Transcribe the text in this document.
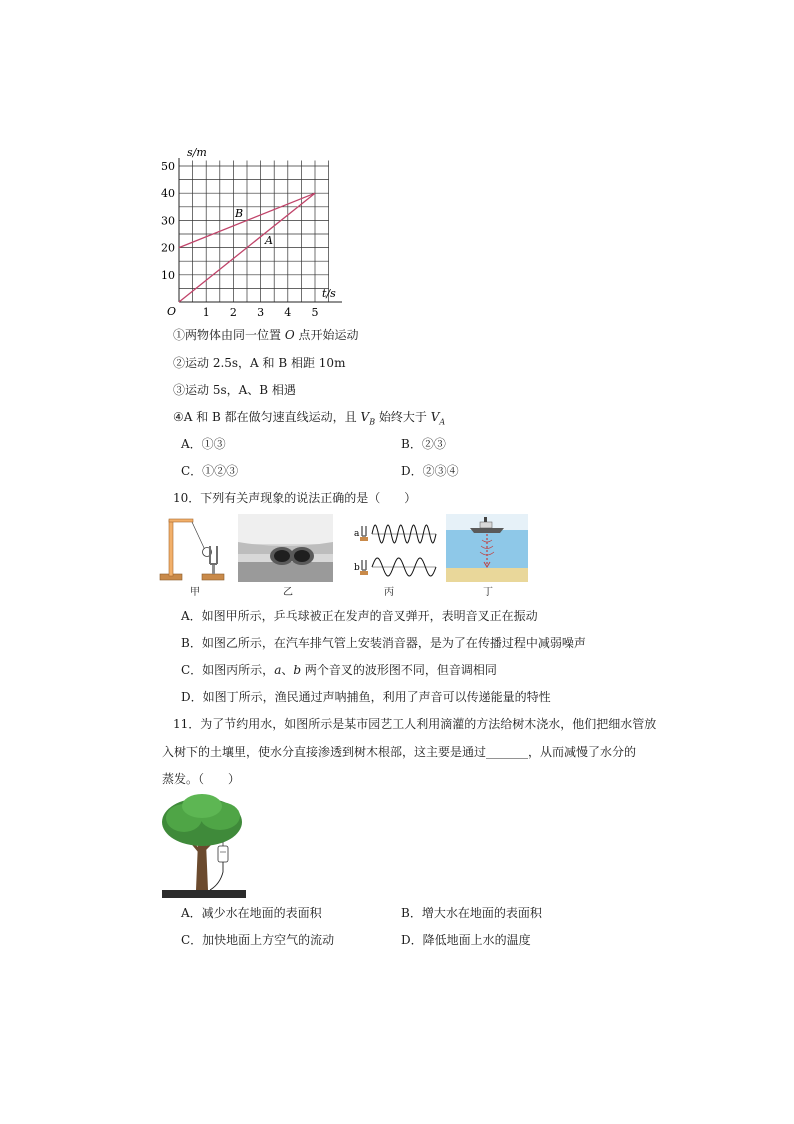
10
20
30
40
50
1 2 3 4 5
s/m
t/s
O
B
A
①两物体由同一位置 O 点开始运动
②运动 2.5s，A 和 B 相距 10m
③运动 5s，A、B 相遇
④A 和 B 都在做匀速直线运动，且 $V_B$ 始终大于 $V_A$
A．①③	B．②③
C．①②③	D．②③④
10．下列有关声现象的说法正确的是（　　）
a
b
甲	乙	丙	丁
A．如图甲所示，乒乓球被正在发声的音叉弹开，表明音叉正在振动
B．如图乙所示，在汽车排气管上安装消音器，是为了在传播过程中减弱噪声
C．如图丙所示，a、b 两个音叉的波形图不同，但音调相同
D．如图丁所示，渔民通过声呐捕鱼，利用了声音可以传递能量的特性
11．为了节约用水，如图所示是某市园艺工人利用滴灌的方法给树木浇水，他们把细水管放
入树下的土壤里，使水分直接渗透到树木根部，这主要是通过_______，从而减慢了水分的
蒸发。（　　）
A．减少水在地面的表面积	B．增大水在地面的表面积
C．加快地面上方空气的流动	D．降低地面上水的温度
